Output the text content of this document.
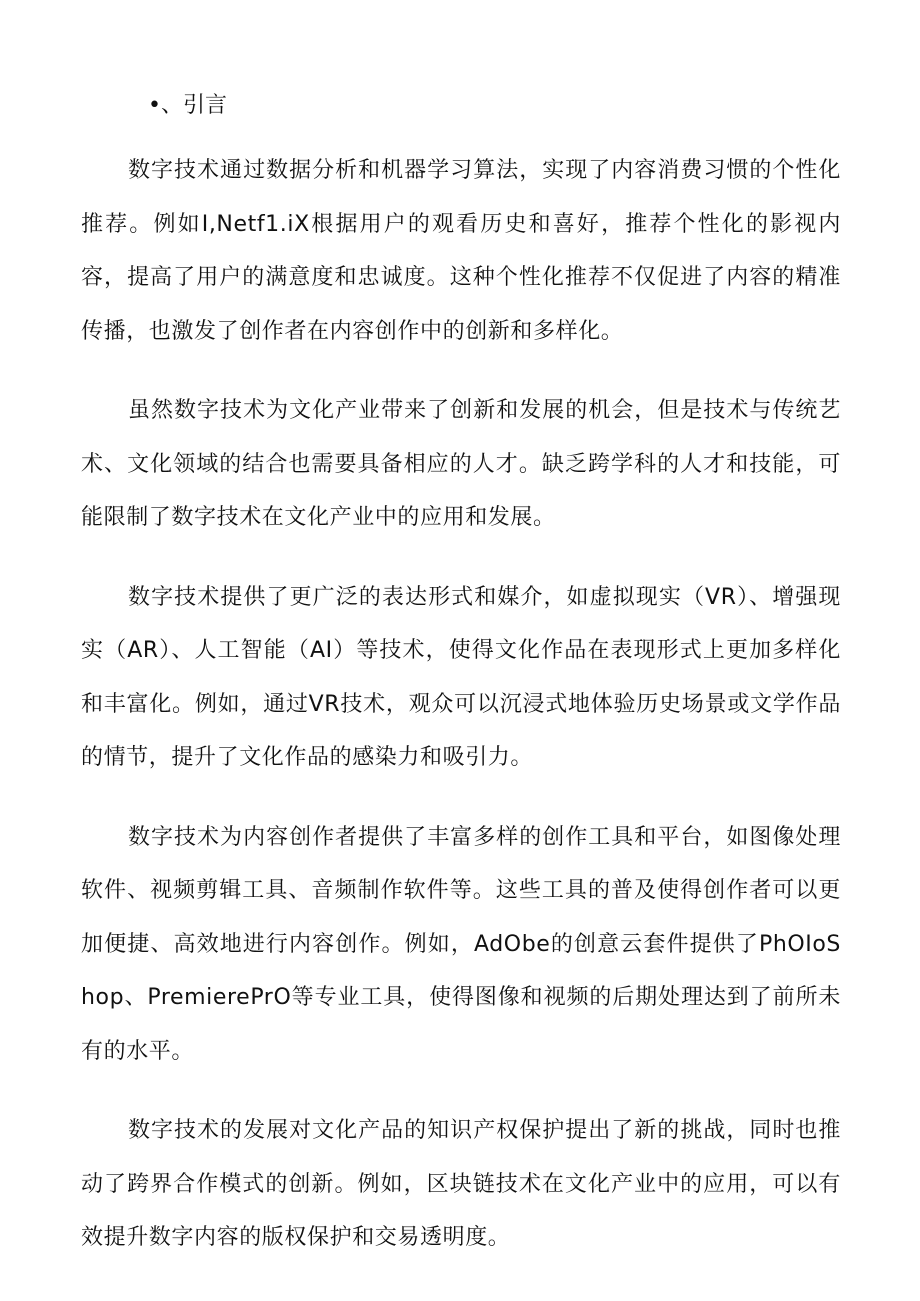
•、引言

数字技术通过数据分析和机器学习算法，实现了内容消费习惯的个性化推荐。例如I,Netf1.iX根据用户的观看历史和喜好，推荐个性化的影视内容，提高了用户的满意度和忠诚度。这种个性化推荐不仅促进了内容的精准传播，也激发了创作者在内容创作中的创新和多样化。

虽然数字技术为文化产业带来了创新和发展的机会，但是技术与传统艺术、文化领域的结合也需要具备相应的人才。缺乏跨学科的人才和技能，可能限制了数字技术在文化产业中的应用和发展。

数字技术提供了更广泛的表达形式和媒介，如虚拟现实（VR）、增强现实（AR）、人工智能（AI）等技术，使得文化作品在表现形式上更加多样化和丰富化。例如，通过VR技术，观众可以沉浸式地体验历史场景或文学作品的情节，提升了文化作品的感染力和吸引力。

数字技术为内容创作者提供了丰富多样的创作工具和平台，如图像处理软件、视频剪辑工具、音频制作软件等。这些工具的普及使得创作者可以更加便捷、高效地进行内容创作。例如，AdObe的创意云套件提供了PhOIoShop、PremierePrO等专业工具，使得图像和视频的后期处理达到了前所未有的水平。

数字技术的发展对文化产品的知识产权保护提出了新的挑战，同时也推动了跨界合作模式的创新。例如，区块链技术在文化产业中的应用，可以有效提升数字内容的版权保护和交易透明度。
